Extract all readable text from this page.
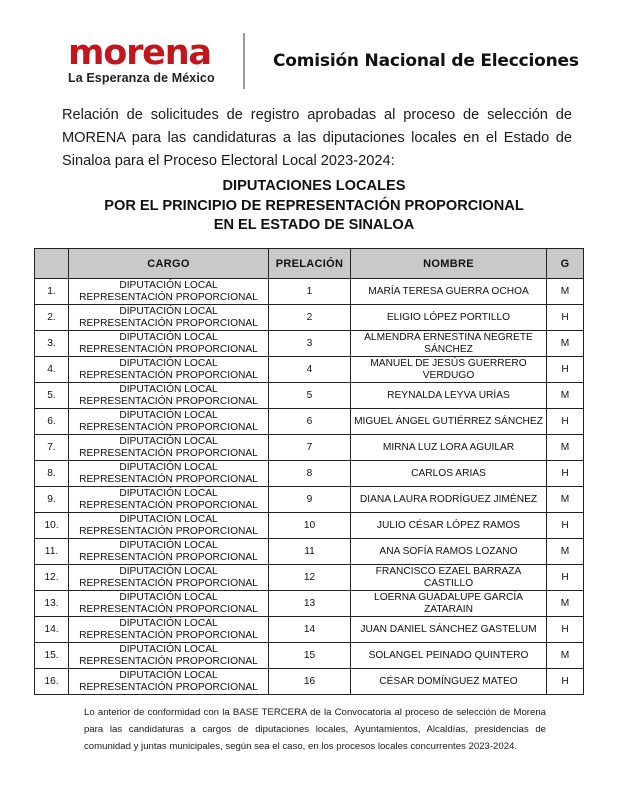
morena
La Esperanza de México
Comisión Nacional de Elecciones
Relación de solicitudes de registro aprobadas al proceso de selección de MORENA para las candidaturas a las diputaciones locales en el Estado de Sinaloa para el Proceso Electoral Local 2023-2024:
DIPUTACIONES LOCALES
POR EL PRINCIPIO DE REPRESENTACIÓN PROPORCIONAL
EN EL ESTADO DE SINALOA
	CARGO	PRELACIÓN	NOMBRE	G
1.	DIPUTACIÓN LOCAL
REPRESENTACIÓN PROPORCIONAL	1	MARÍA TERESA GUERRA OCHOA	M
2.	DIPUTACIÓN LOCAL
REPRESENTACIÓN PROPORCIONAL	2	ELIGIO LÓPEZ PORTILLO	H
3.	DIPUTACIÓN LOCAL
REPRESENTACIÓN PROPORCIONAL	3	ALMENDRA ERNESTINA NEGRETE SÁNCHEZ	M
4.	DIPUTACIÓN LOCAL
REPRESENTACIÓN PROPORCIONAL	4	MANUEL DE JESÚS GUERRERO VERDUGO	H
5.	DIPUTACIÓN LOCAL
REPRESENTACIÓN PROPORCIONAL	5	REYNALDA LEYVA URÍAS	M
6.	DIPUTACIÓN LOCAL
REPRESENTACIÓN PROPORCIONAL	6	MIGUEL ÁNGEL GUTIÉRREZ SÁNCHEZ	H
7.	DIPUTACIÓN LOCAL
REPRESENTACIÓN PROPORCIONAL	7	MIRNA LUZ LORA AGUILAR	M
8.	DIPUTACIÓN LOCAL
REPRESENTACIÓN PROPORCIONAL	8	CARLOS ARIAS	H
9.	DIPUTACIÓN LOCAL
REPRESENTACIÓN PROPORCIONAL	9	DIANA LAURA RODRÍGUEZ JIMÉNEZ	M
10.	DIPUTACIÓN LOCAL
REPRESENTACIÓN PROPORCIONAL	10	JULIO CÉSAR LÓPEZ RAMOS	H
11.	DIPUTACIÓN LOCAL
REPRESENTACIÓN PROPORCIONAL	11	ANA SOFÍA RAMOS LOZANO	M
12.	DIPUTACIÓN LOCAL
REPRESENTACIÓN PROPORCIONAL	12	FRANCISCO EZAEL BARRAZA CASTILLO	H
13.	DIPUTACIÓN LOCAL
REPRESENTACIÓN PROPORCIONAL	13	LOERNA GUADALUPE GARCÍA ZATARAIN	M
14.	DIPUTACIÓN LOCAL
REPRESENTACIÓN PROPORCIONAL	14	JUAN DANIEL SÁNCHEZ GASTELUM	H
15.	DIPUTACIÓN LOCAL
REPRESENTACIÓN PROPORCIONAL	15	SOLANGEL PEINADO QUINTERO	M
16.	DIPUTACIÓN LOCAL
REPRESENTACIÓN PROPORCIONAL	16	CÉSAR DOMÍNGUEZ MATEO	H
Lo anterior de conformidad con la BASE TERCERA de la Convocatoria al proceso de selección de Morena para las candidaturas a cargos de diputaciones locales, Ayuntamientos, Alcaldías, presidencias de comunidad y juntas municipales, según sea el caso, en los procesos locales concurrentes 2023-2024.
